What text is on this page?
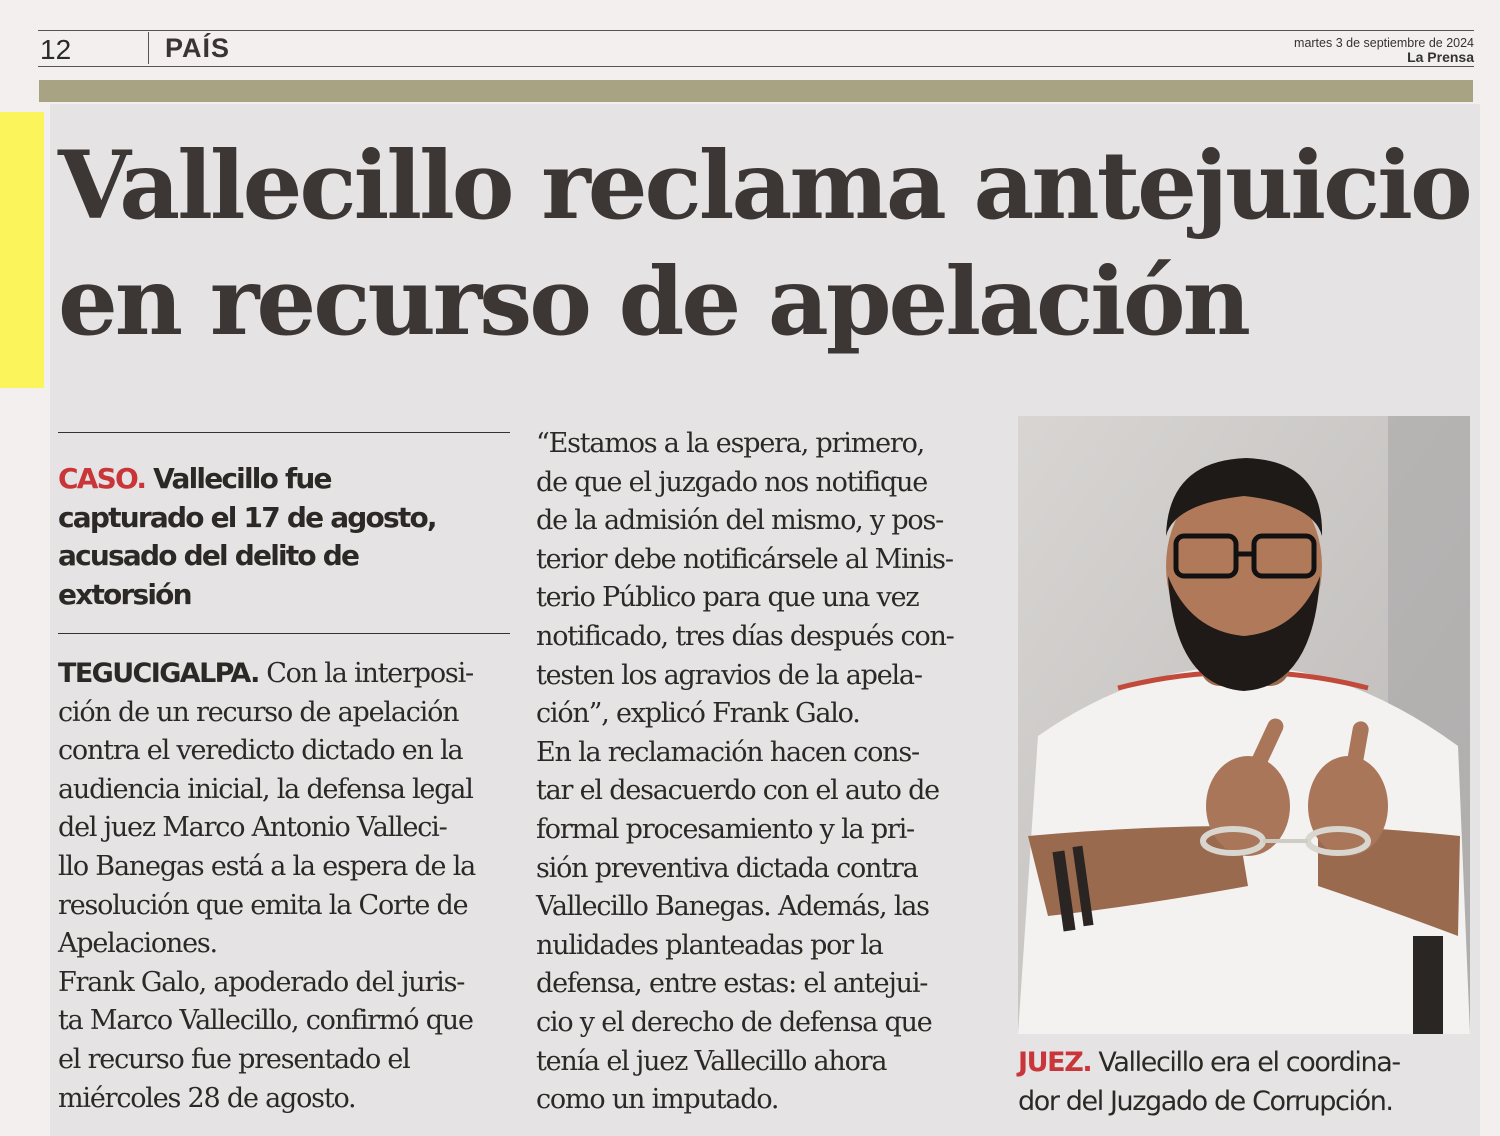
12	PAÍS	martes 3 de septiembre de 2024
La Prensa
Vallecillo reclama antejuicio
en recurso de apelación
CASO. Vallecillo fue
capturado el 17 de agosto,
acusado del delito de
extorsión

TEGUCIGALPA. Con la interposi-

ción de un recurso de apelación

contra el veredicto dictado en la

audiencia inicial, la defensa legal

del juez Marco Antonio Valleci-

llo Banegas está a la espera de la

resolución que emita la Corte de

Apelaciones.

Frank Galo, apoderado del juris-

ta Marco Vallecillo, confirmó que

el recurso fue presentado el

miércoles 28 de agosto.

“Estamos a la espera, primero,

de que el juzgado nos notifique

de la admisión del mismo, y pos-

terior debe notificársele al Minis-

terio Público para que una vez

notificado, tres días después con-

testen los agravios de la apela-

ción”, explicó Frank Galo.

En la reclamación hacen cons-

tar el desacuerdo con el auto de

formal procesamiento y la pri-

sión preventiva dictada contra

Vallecillo Banegas. Además, las

nulidades planteadas por la

defensa, entre estas: el antejui-

cio y el derecho de defensa que

tenía el juez Vallecillo ahora

como un imputado.

JUEZ. Vallecillo era el coordina-
dor del Juzgado de Corrupción.
